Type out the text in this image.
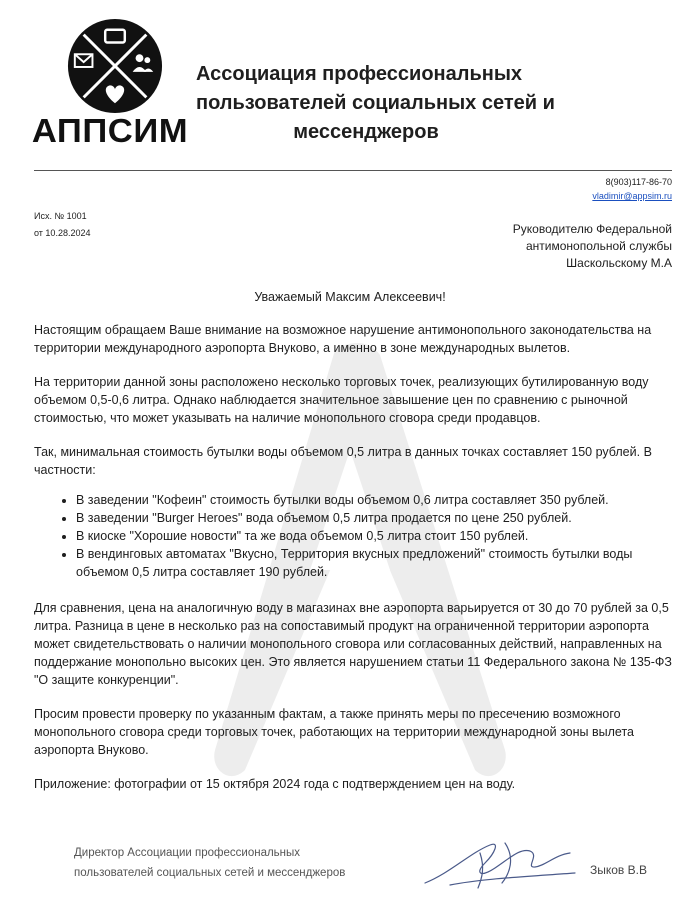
АППСИМ
Ассоциация профессиональных
пользователей социальных сетей и
мессенджеров
8(903)117-86-70
vladimir@appsim.ru
Исх. № 1001
от 10.28.2024	Руководителю Федеральной
антимонопольной службы
Шаскольскому М.А
Уважаемый Максим Алексеевич!

Настоящим обращаем Ваше внимание на возможное нарушение антимонопольного законодательства на территории международного аэропорта Внуково, а именно в зоне международных вылетов.

На территории данной зоны расположено несколько торговых точек, реализующих бутилированную воду объемом 0,5-0,6 литра. Однако наблюдается значительное завышение цен по сравнению с рыночной стоимостью, что может указывать на наличие монопольного сговора среди продавцов.

Так, минимальная стоимость бутылки воды объемом 0,5 литра в данных точках составляет 150 рублей. В частности:

• В заведении "Кофеин" стоимость бутылки воды объемом 0,6 литра составляет 350 рублей.
• В заведении "Burger Heroes" вода объемом 0,5 литра продается по цене 250 рублей.
• В киоске "Хорошие новости" та же вода объемом 0,5 литра стоит 150 рублей.
• В вендинговых автоматах "Вкусно, Территория вкусных предложений" стоимость бутылки воды объемом 0,5 литра составляет 190 рублей.

Для сравнения, цена на аналогичную воду в магазинах вне аэропорта варьируется от 30 до 70 рублей за 0,5 литра. Разница в цене в несколько раз на сопоставимый продукт на ограниченной территории аэропорта может свидетельствовать о наличии монопольного сговора или согласованных действий, направленных на поддержание монопольно высоких цен. Это является нарушением статьи 11 Федерального закона № 135-ФЗ "О защите конкуренции".

Просим провести проверку по указанным фактам, а также принять меры по пресечению возможного монопольного сговора среди торговых точек, работающих на территории международной зоны вылета аэропорта Внуково.

Приложение: фотографии от 15 октября 2024 года с подтверждением цен на воду.

Директор Ассоциации профессиональных
пользователей социальных сетей и мессенджеров	Зыков В.В
